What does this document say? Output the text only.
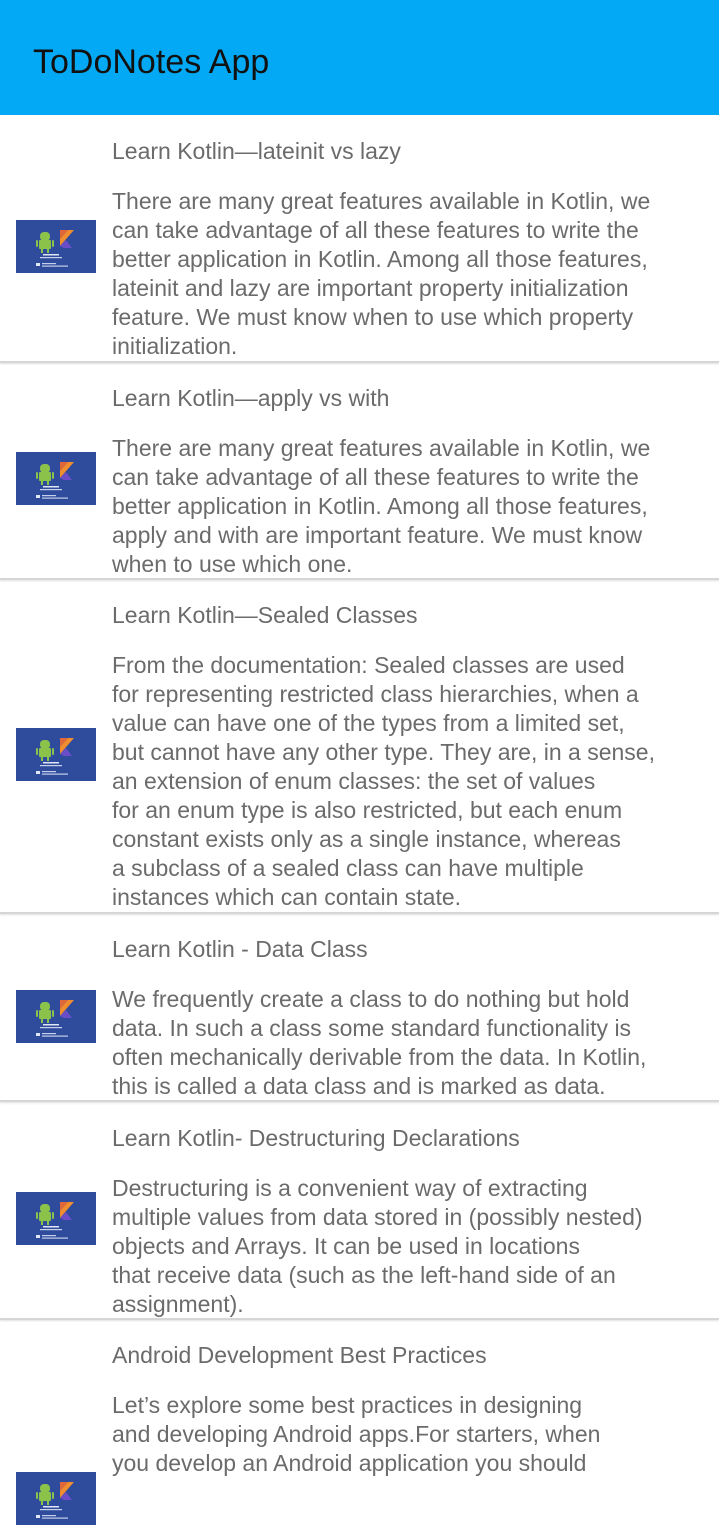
ToDoNotes App
Learn Kotlin—lateinit vs lazy
There are many great features available in Kotlin, we
can take advantage of all these features to write the
better application in Kotlin. Among all those features,
lateinit and lazy are important property initialization
feature. We must know when to use which property
initialization.
Learn Kotlin—apply vs with
There are many great features available in Kotlin, we
can take advantage of all these features to write the
better application in Kotlin. Among all those features,
apply and with are important feature. We must know
when to use which one.
Learn Kotlin—Sealed Classes
From the documentation: Sealed classes are used
for representing restricted class hierarchies, when a
value can have one of the types from a limited set,
but cannot have any other type. They are, in a sense,
an extension of enum classes: the set of values
for an enum type is also restricted, but each enum
constant exists only as a single instance, whereas
a subclass of a sealed class can have multiple
instances which can contain state.
Learn Kotlin - Data Class
We frequently create a class to do nothing but hold
data. In such a class some standard functionality is
often mechanically derivable from the data. In Kotlin,
this is called a data class and is marked as data.
Learn Kotlin- Destructuring Declarations
Destructuring is a convenient way of extracting
multiple values from data stored in (possibly nested)
objects and Arrays. It can be used in locations
that receive data (such as the left-hand side of an
assignment).
Android Development Best Practices
Let’s explore some best practices in designing
and developing Android apps.For starters, when
you develop an Android application you should
